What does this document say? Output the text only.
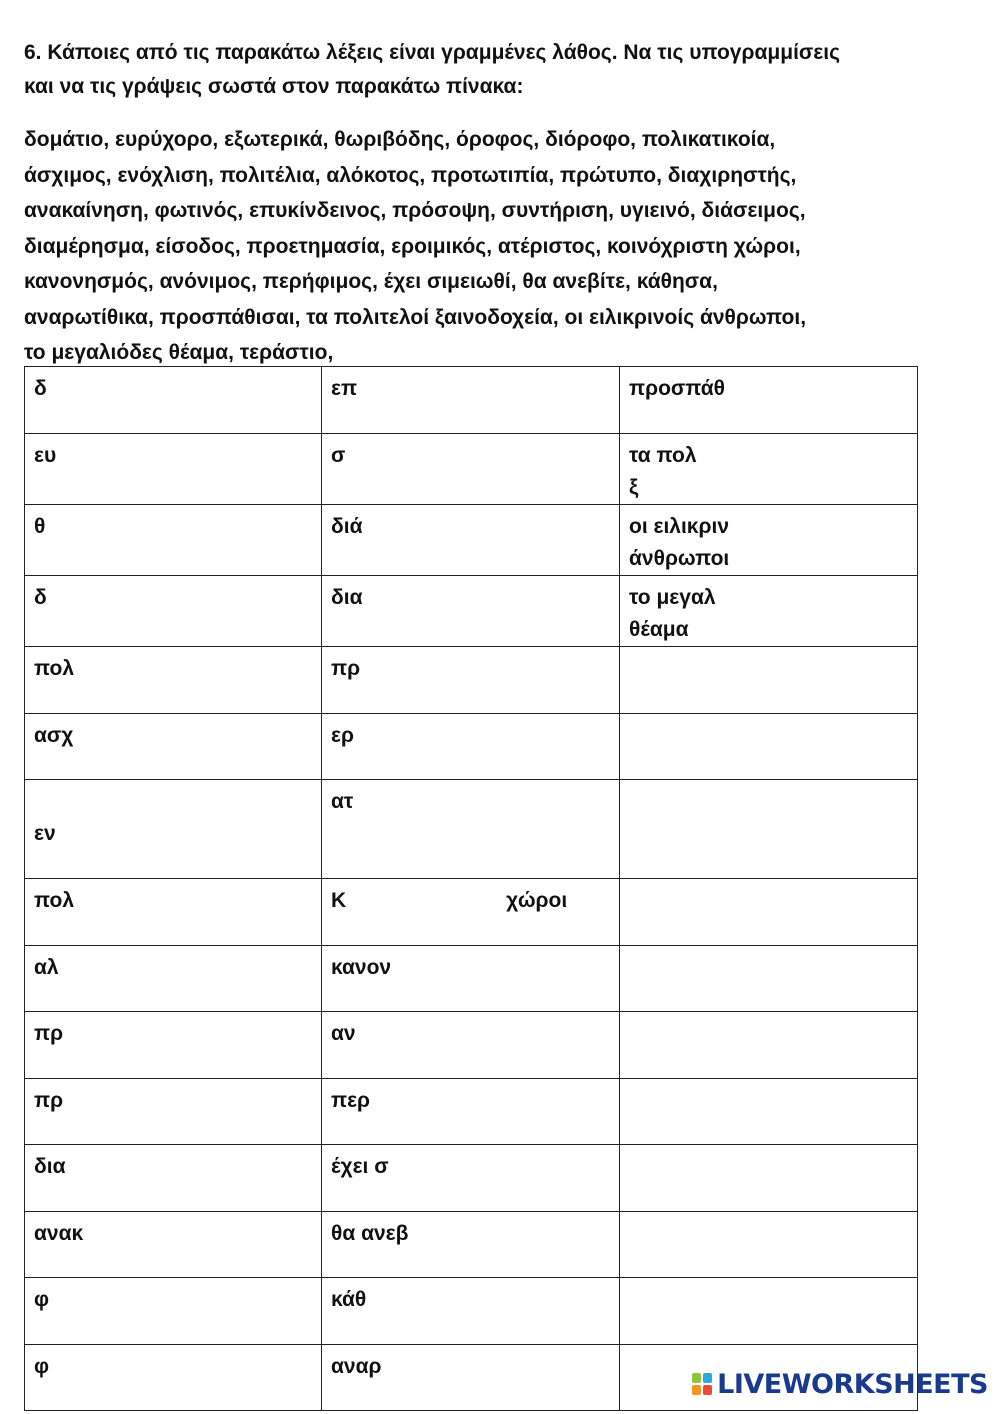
6. Κάποιες από τις παρακάτω λέξεις είναι γραμμένες λάθος. Να τις υπογραμμίσεις
και να τις γράψεις σωστά στον παρακάτω πίνακα:

δομάτιο, ευρύχορο, εξωτερικά, θωριβόδης, όροφος, διόροφο, πολικατικοία,
άσχιμος, ενόχλιση, πολιτέλια, αλόκοτος, προτωτιπία, πρώτυπο, διαχιρηστής,
ανακαίνηση, φωτινός, επυκίνδεινος, πρόσοψη, συντήριση, υγιεινό, διάσειμος,
διαμέρησμα, είσοδος, προετημασία, εροιμικός, ατέριστος, κοινόχριστη χώροι,
κανονησμός, ανόνιμος, περήφιμος, έχει σιμειωθί, θα ανεβίτε, κάθησα,
αναρωτίθικα, προσπάθισαι, τα πολιτελοί ξαινοδοχεία, οι ειλικρινοίς άνθρωποι,
το μεγαλιόδες θέαμα, τεράστιο,

δ	επ	προσπάθ

ευ	σ	τα πολ
ξ

θ	διά	οι ειλικριν
άνθρωποι

δ	δια	το μεγαλ
θέαμα

πολ	πρ	
ασχ	ερ	
εν	ατ	
πολ	Κ χώροι	
αλ	κανον	
πρ	αν	
πρ	περ	
δια	έχει σ	
ανακ	θα ανεβ	
φ	κάθ	
φ	αναρ	
LIVEWORKSHEETS
